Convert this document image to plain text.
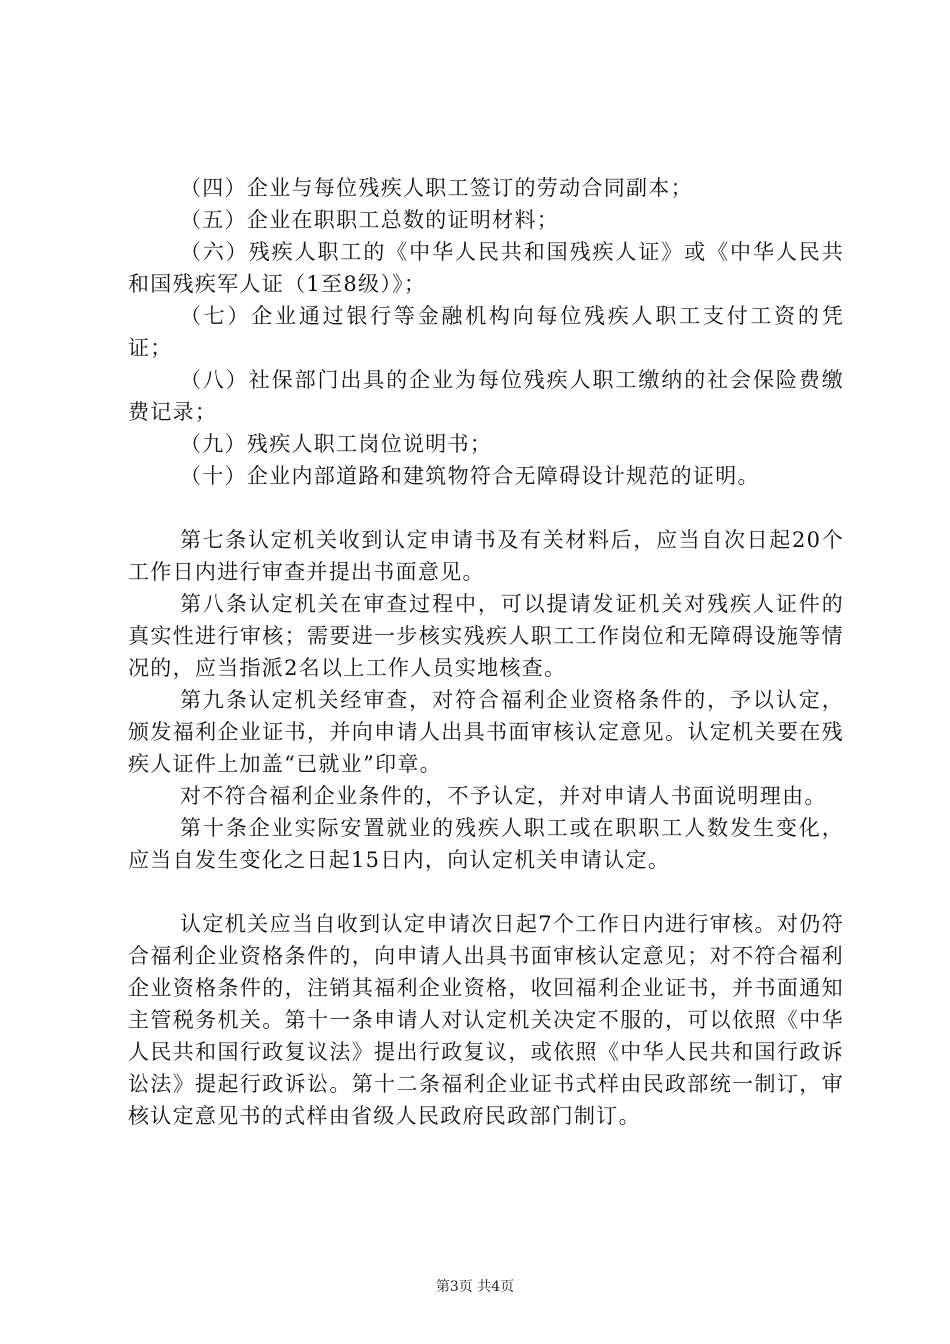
（四）企业与每位残疾人职工签订的劳动合同副本；

（五）企业在职职工总数的证明材料；

（六）残疾人职工的《中华人民共和国残疾人证》或《中华人民共和国残疾军人证（1至8级）》；

（七）企业通过银行等金融机构向每位残疾人职工支付工资的凭证；

（八）社保部门出具的企业为每位残疾人职工缴纳的社会保险费缴费记录；

（九）残疾人职工岗位说明书；

（十）企业内部道路和建筑物符合无障碍设计规范的证明。

第七条认定机关收到认定申请书及有关材料后，应当自次日起20个工作日内进行审查并提出书面意见。

第八条认定机关在审查过程中，可以提请发证机关对残疾人证件的真实性进行审核；需要进一步核实残疾人职工工作岗位和无障碍设施等情况的，应当指派2名以上工作人员实地核查。

第九条认定机关经审查，对符合福利企业资格条件的，予以认定，颁发福利企业证书，并向申请人出具书面审核认定意见。认定机关要在残疾人证件上加盖“已就业”印章。

对不符合福利企业条件的，不予认定，并对申请人书面说明理由。

第十条企业实际安置就业的残疾人职工或在职职工人数发生变化，应当自发生变化之日起15日内，向认定机关申请认定。

认定机关应当自收到认定申请次日起7个工作日内进行审核。对仍符合福利企业资格条件的，向申请人出具书面审核认定意见；对不符合福利企业资格条件的，注销其福利企业资格，收回福利企业证书，并书面通知主管税务机关。第十一条申请人对认定机关决定不服的，可以依照《中华人民共和国行政复议法》提出行政复议，或依照《中华人民共和国行政诉讼法》提起行政诉讼。第十二条福利企业证书式样由民政部统一制订，审核认定意见书的式样由省级人民政府民政部门制订。

第3页 共4页
